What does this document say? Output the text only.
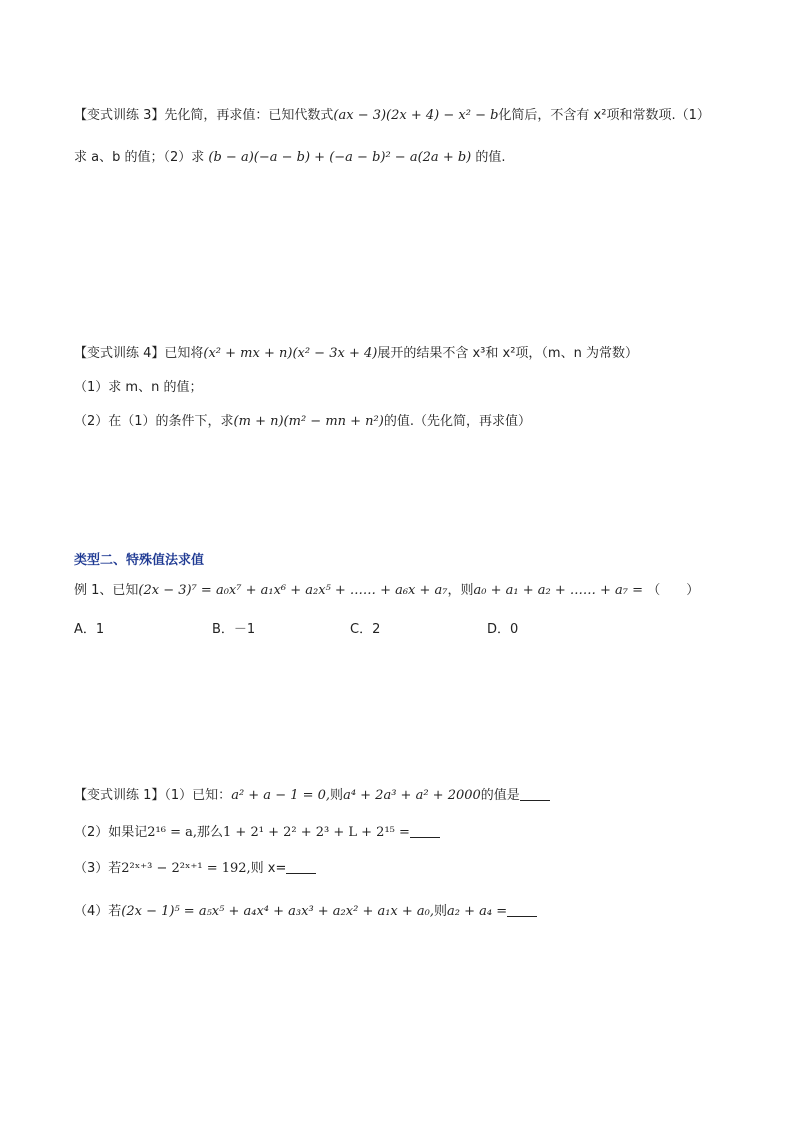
【变式训练 3】先化简，再求值：已知代数式(ax − 3)(2x + 4) − x² − b化简后，不含有 x²项和常数项.（1）
求 a、b 的值；（2）求 (b − a)(−a − b) + (−a − b)² − a(2a + b) 的值.
【变式训练 4】已知将(x² + mx + n)(x² − 3x + 4)展开的结果不含 x³和 x²项，（m、n 为常数）
（1）求 m、n 的值；
（2）在（1）的条件下，求(m + n)(m² − mn + n²)的值.（先化简，再求值）
类型二、特殊值法求值
例 1、已知(2x − 3)⁷ = a₀x⁷ + a₁x⁶ + a₂x⁵ + …… + a₆x + a₇，则a₀ + a₁ + a₂ + …… + a₇ = （　　）
A．1	B．－1	C．2	D．0
【变式训练 1】（1）已知：a² + a − 1 = 0,则a⁴ + 2a³ + a² + 2000的值是
（2）如果记2¹⁶ = a,那么1 + 2¹ + 2² + 2³ + L + 2¹⁵ =
（3）若2²ˣ⁺³ − 2²ˣ⁺¹ = 192,则 x=
（4）若(2x − 1)⁵ = a₅x⁵ + a₄x⁴ + a₃x³ + a₂x² + a₁x + a₀,则a₂ + a₄ =
